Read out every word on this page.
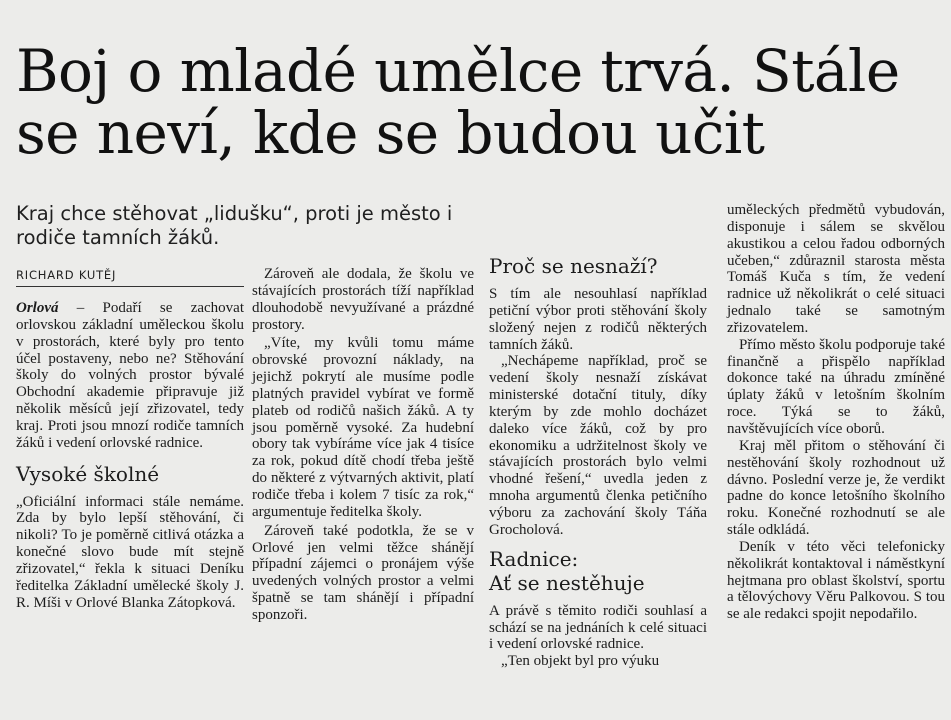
Boj o mladé umělce trvá. Stále se neví, kde se budou učit
Kraj chce stěhovat „lidušku“, proti je město i rodiče tamních žáků.
RICHARD KUTĚJ

Orlová – Podaří se zachovat orlovskou základní uměleckou školu v prostorách, které byly pro tento účel postaveny, nebo ne? Stěhování školy do volných prostor bývalé Obchodní akademie připravuje již několik měsíců její zřizovatel, tedy kraj. Proti jsou mnozí rodiče tamních žáků i vedení orlovské radnice.

Vysoké školné

„Oficiální informaci stále nemáme. Zda by bylo lepší stěhování, či nikoli? To je poměrně citlivá otázka a konečné slovo bude mít stejně zřizovatel,“ řekla k situaci Deníku ředitelka Základní umělecké školy J. R. Míši v Orlové Blanka Zátopková.

Zároveň ale dodala, že školu ve stávajících prostorách tíží například dlouhodobě nevyužívané a prázdné prostory.

„Víte, my kvůli tomu máme obrovské provozní náklady, na jejichž pokrytí ale musíme podle platných pravidel vybírat ve formě plateb od rodičů našich žáků. A ty jsou poměrně vysoké. Za hudební obory tak vybíráme více jak 4 tisíce za rok, pokud dítě chodí třeba ještě do některé z výtvarných aktivit, platí rodiče třeba i kolem 7 tisíc za rok,“ argumentuje ředitelka školy.

Zároveň také podotkla, že se v Orlové jen velmi těžce shánějí případní zájemci o pronájem výše uvedených volných prostor a velmi špatně se tam shánějí i případní sponzoři.

Proč se nesnaží?

S tím ale nesouhlasí například petiční výbor proti stěhování školy složený nejen z rodičů některých tamních žáků.

„Nechápeme například, proč se vedení školy nesnaží získávat ministerské dotační tituly, díky kterým by zde mohlo docházet daleko více žáků, což by pro ekonomiku a udržitelnost školy ve stávajících prostorách bylo velmi vhodné řešení,“ uvedla jeden z mnoha argumentů členka petičního výboru za zachování školy Táňa Grocholová.

Radnice:
Ať se nestěhuje

A právě s těmito rodiči souhlasí a schází se na jednáních k celé situaci i vedení orlovské radnice.

„Ten objekt byl pro výuku

uměleckých předmětů vybudován, disponuje i sálem se skvělou akustikou a celou řadou odborných učeben,“ zdůraznil starosta města Tomáš Kuča s tím, že vedení radnice už několikrát o celé situaci jednalo také se samotným zřizovatelem.

Přímo město školu podporuje také finančně a přispělo například dokonce také na úhradu zmíněné úplaty žáků v letošním školním roce. Týká se to žáků, navštěvujících více oborů.

Kraj měl přitom o stěhování či nestěhování školy rozhodnout už dávno. Poslední verze je, že verdikt padne do konce letošního školního roku. Konečné rozhodnutí se ale stále odkládá.

Deník v této věci telefonicky několikrát kontaktoval i náměstkyní hejtmana pro oblast školství, sportu a tělovýchovy Věru Palkovou. S tou se ale redakci spojit nepodařilo.
